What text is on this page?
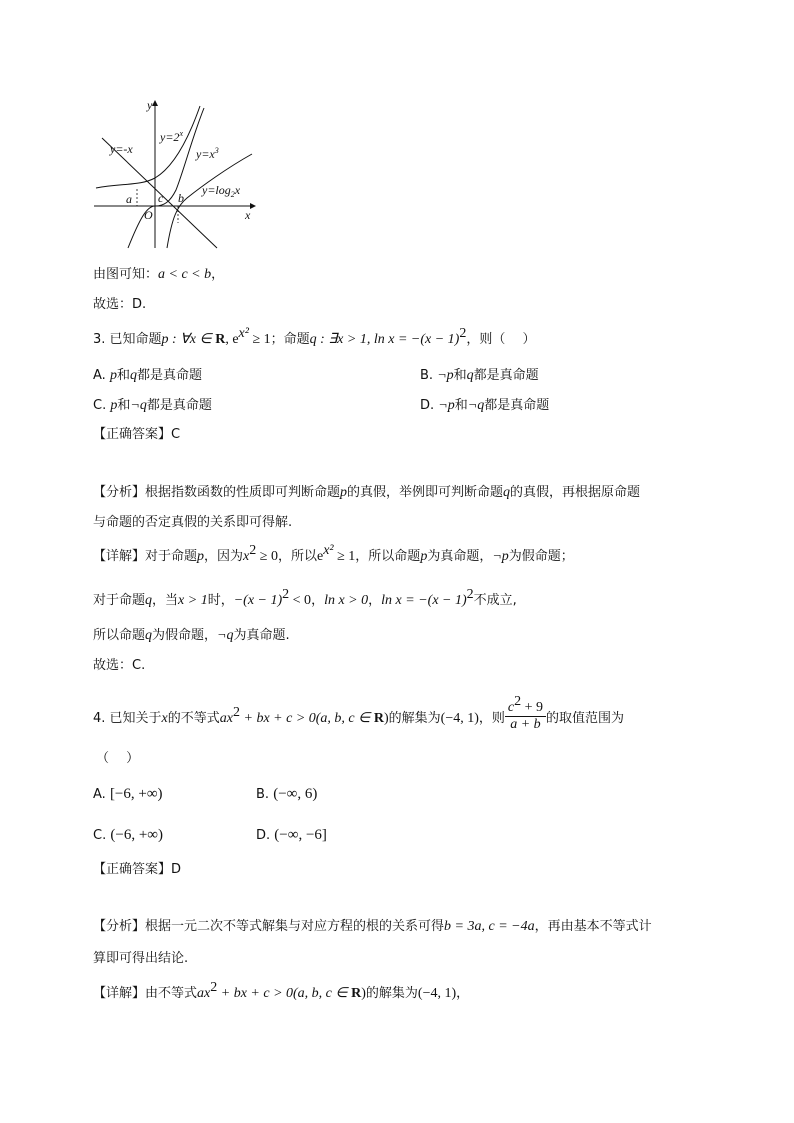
y
x
O
y=-x
$y=2^x$
$y=x^3$
$y=\log_2x$
a c b
由图可知：a < c < b，
故选：D.
3. 已知命题p : ∀x ∈ R, $e^{x^2} \ge 1$；命题q : ∃x > 1, $\ln x = -(x - 1)^2$，则（　 ）
A. p和q都是真命题	B. ¬p和q都是真命题
C. p和¬q都是真命题	D. ¬p和¬q都是真命题
【正确答案】C
【分析】根据指数函数的性质即可判断命题p的真假，举例即可判断命题q的真假，再根据原命题
与命题的否定真假的关系即可得解.
【详解】对于命题p，因为$x^2 \ge 0$，所以$e^{x^2} \ge 1$，所以命题p为真命题，¬p为假命题；
对于命题q，当x > 1时，$-(x - 1)^2 < 0$，ln x > 0，$\ln x = -(x - 1)^2$不成立,
所以命题q为假命题，¬q为真命题.
故选：C.
4. 已知关于x的不等式$ax^2$ + bx + c > 0(a, b, c ∈ R)的解集为(−4, 1)，则 $\frac{c^2 + 9}{a + b}$ 的取值范围为
（　 ）
A. [−6, +∞)	B. (−∞, 6)
C. (−6, +∞)	D. (−∞, −6]
【正确答案】D
【分析】根据一元二次不等式解集与对应方程的根的关系可得b = 3a, c = −4a，再由基本不等式计
算即可得出结论.
【详解】由不等式$ax^2$ + bx + c > 0(a, b, c ∈ R)的解集为(−4, 1)，
